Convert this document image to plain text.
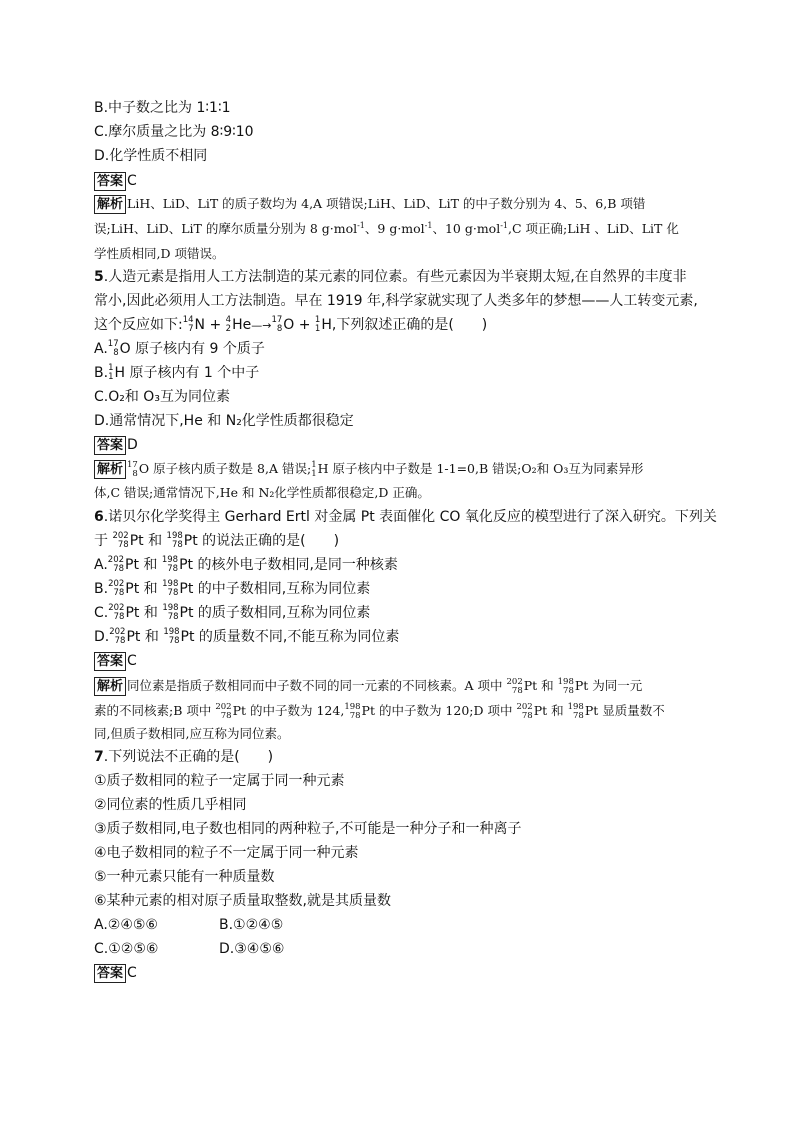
B.中子数之比为 1∶1∶1
C.摩尔质量之比为 8∶9∶10
D.化学性质不相同
答案 C
解析 LiH、LiD、LiT 的质子数均为 4,A 项错误;LiH、LiD、LiT 的中子数分别为 4、5、6,B 项错
误;LiH、LiD、LiT 的摩尔质量分别为 8 g·mol$^{-1}$、9 g·mol$^{-1}$、10 g·mol$^{-1}$,C 项正确;LiH 、LiD、LiT 化
学性质相同,D 项错误。
5.人造元素是指用人工方法制造的某元素的同位素。有些元素因为半衰期太短,在自然界的丰度非
常小,因此必须用人工方法制造。早在 1919 年,科学家就实现了人类多年的梦想——人工转变元素,
这个反应如下: 14
7 N + 4
2 He—→ 17
8 O + 1
1 H,下列叙述正确的是(　　)
A. 17
8 O 原子核内有 9 个质子
B. 1
1 H 原子核内有 1 个中子
C.O₂和 O₃互为同位素
D.通常情况下,He 和 N₂化学性质都很稳定
答案 D
解析 17
8 O 原子核内质子数是 8,A 错误; 1
1 H 原子核内中子数是 1-1=0,B 错误;O₂和 O₃互为同素异形
体,C 错误;通常情况下,He 和 N₂化学性质都很稳定,D 正确。
6.诺贝尔化学奖得主 Gerhard Ertl 对金属 Pt 表面催化 CO 氧化反应的模型进行了深入研究。下列关
于 202
78 Pt 和 198
78 Pt 的说法正确的是(　　)
A. 202
78 Pt 和 198
78 Pt 的核外电子数相同,是同一种核素
B. 202
78 Pt 和 198
78 Pt 的中子数相同,互称为同位素
C. 202
78 Pt 和 198
78 Pt 的质子数相同,互称为同位素
D. 202
78 Pt 和 198
78 Pt 的质量数不同,不能互称为同位素
答案 C
解析 同位素是指质子数相同而中子数不同的同一元素的不同核素。A 项中 202
78 Pt 和 198
78 Pt 为同一元
素的不同核素;B 项中 202
78 Pt 的中子数为 124, 198
78 Pt 的中子数为 120;D 项中 202
78 Pt 和 198
78 Pt 显质量数不
同,但质子数相同,应互称为同位素。
7.下列说法不正确的是(　　)
①质子数相同的粒子一定属于同一种元素
②同位素的性质几乎相同
③质子数相同,电子数也相同的两种粒子,不可能是一种分子和一种离子
④电子数相同的粒子不一定属于同一种元素
⑤一种元素只能有一种质量数
⑥某种元素的相对原子质量取整数,就是其质量数
A.②④⑤⑥	B.①②④⑤
C.①②⑤⑥	D.③④⑤⑥
答案 C
